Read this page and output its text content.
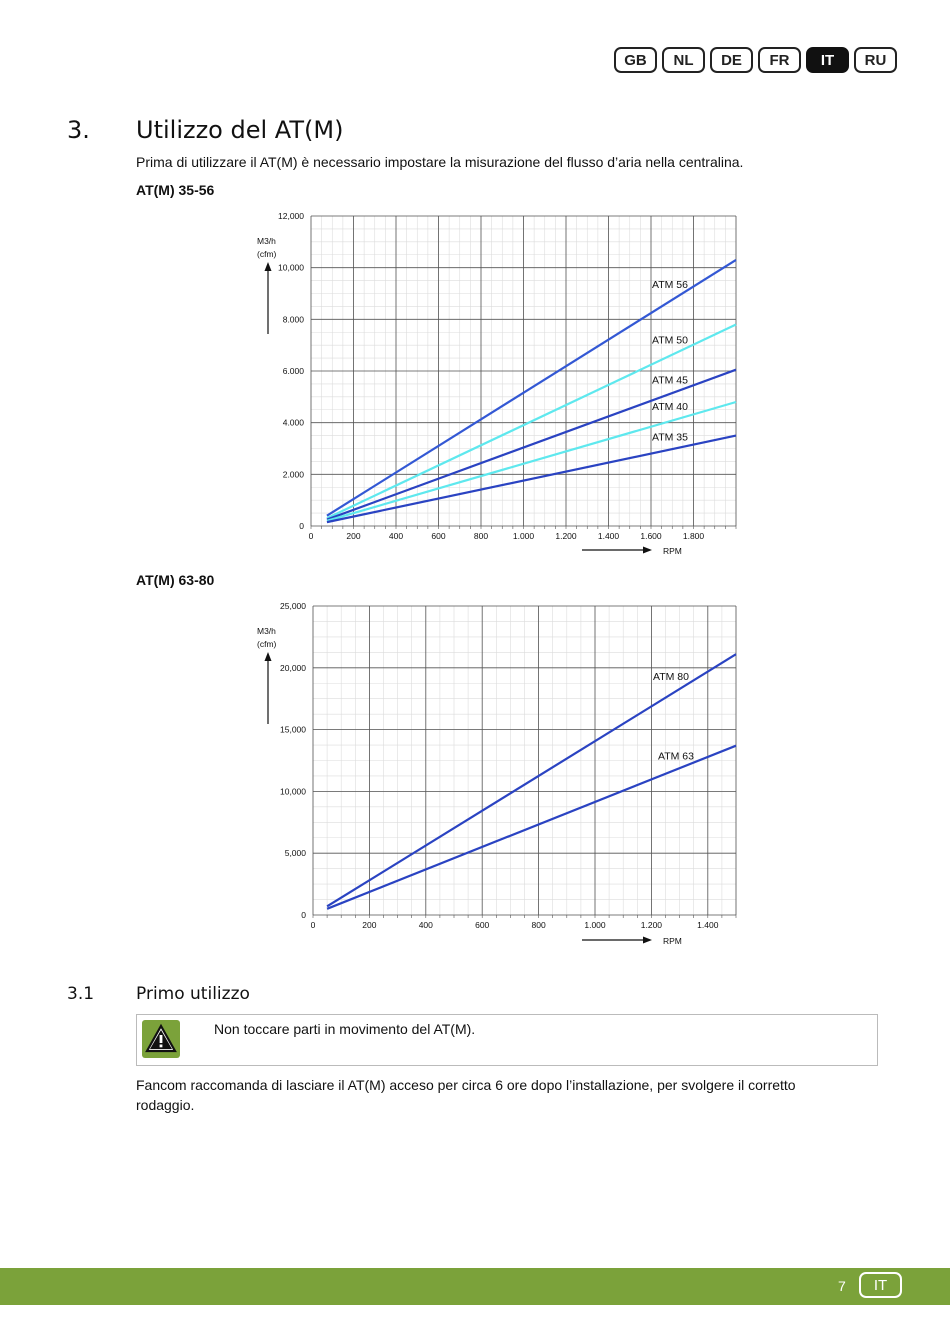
GB	NL	DE	FR	IT	RU
3. Utilizzo del AT(M)
Prima di utilizzare il AT(M) è necessario impostare la misurazione del flusso d’aria nella centralina.
AT(M) 35-56
0	200	400	600	800	1.000 1.200 1.400 1.600 1.800
0
2.000
4.000
6.000
8.000
10,000
12,000
M3/h
(cfm)
RPM
ATM 56
ATM 50
ATM 45
ATM 40
ATM 35
AT(M) 63-80
0	200	400	600	800	1.000	1.200	1.400
0
5,000
10,000
15,000
20,000
25,000
M3/h
(cfm)
RPM
ATM 80
ATM 63
3.1 Primo utilizzo
Non toccare parti in movimento del AT(M).
Fancom raccomanda di lasciare il AT(M) acceso per circa 6 ore dopo l’installazione, per svolgere il corretto rodaggio.
7	IT
